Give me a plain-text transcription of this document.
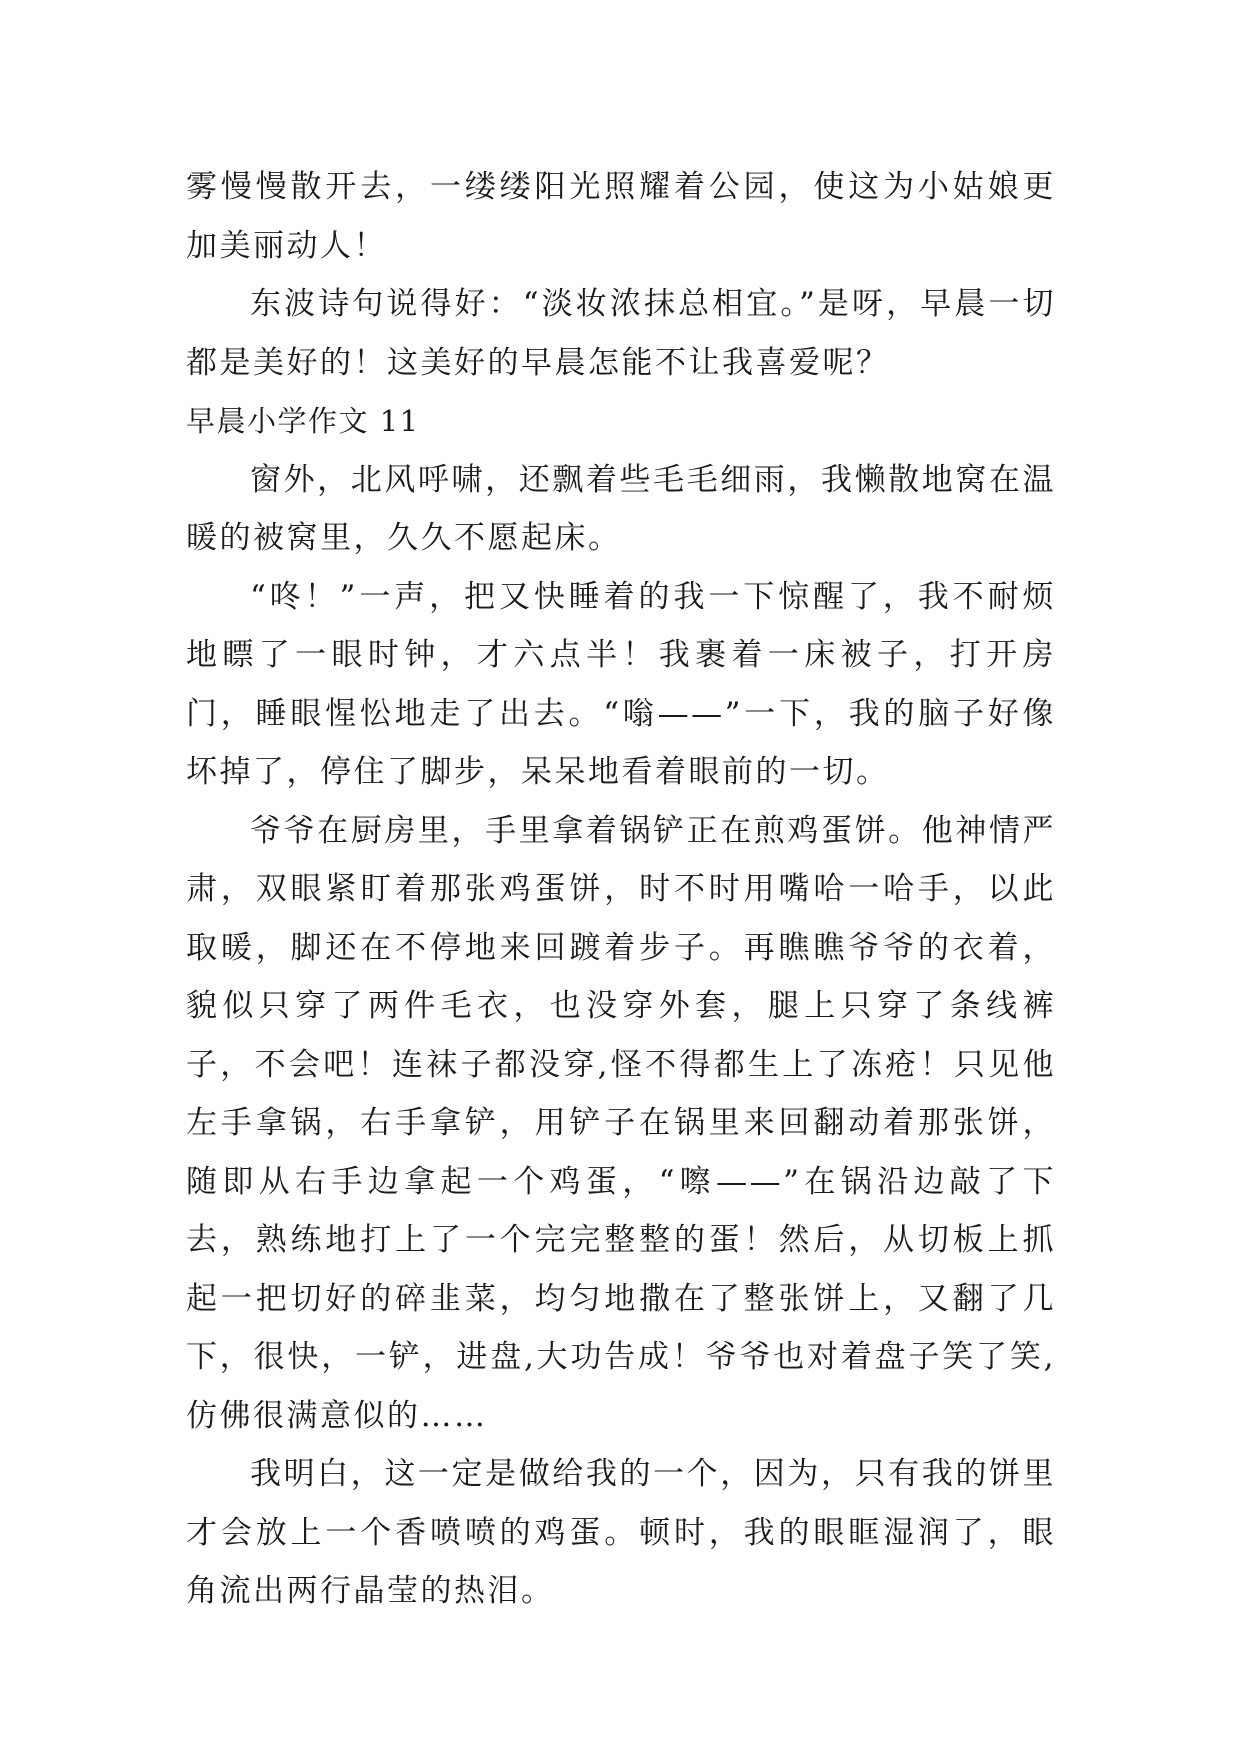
雾慢慢散开去，一缕缕阳光照耀着公园，使这为小姑娘更加美丽动人！

东波诗句说得好：“淡妆浓抹总相宜。”是呀，早晨一切都是美好的！这美好的早晨怎能不让我喜爱呢？

早晨小学作文 11

窗外，北风呼啸，还飘着些毛毛细雨，我懒散地窝在温暖的被窝里，久久不愿起床。

“咚！”一声，把又快睡着的我一下惊醒了，我不耐烦地瞟了一眼时钟，才六点半！我裹着一床被子，打开房门，睡眼惺忪地走了出去。“嗡——”一下，我的脑子好像坏掉了，停住了脚步，呆呆地看着眼前的一切。

爷爷在厨房里，手里拿着锅铲正在煎鸡蛋饼。他神情严肃，双眼紧盯着那张鸡蛋饼，时不时用嘴哈一哈手，以此取暖，脚还在不停地来回踱着步子。再瞧瞧爷爷的衣着，貌似只穿了两件毛衣，也没穿外套，腿上只穿了条线裤子，不会吧！连袜子都没穿,怪不得都生上了冻疮！只见他左手拿锅，右手拿铲，用铲子在锅里来回翻动着那张饼，随即从右手边拿起一个鸡蛋，“嚓——”在锅沿边敲了下去，熟练地打上了一个完完整整的蛋！然后，从切板上抓起一把切好的碎韭菜，均匀地撒在了整张饼上，又翻了几下，很快，一铲，进盘,大功告成！爷爷也对着盘子笑了笑,仿佛很满意似的……

我明白，这一定是做给我的一个，因为，只有我的饼里才会放上一个香喷喷的鸡蛋。顿时，我的眼眶湿润了，眼角流出两行晶莹的热泪。
